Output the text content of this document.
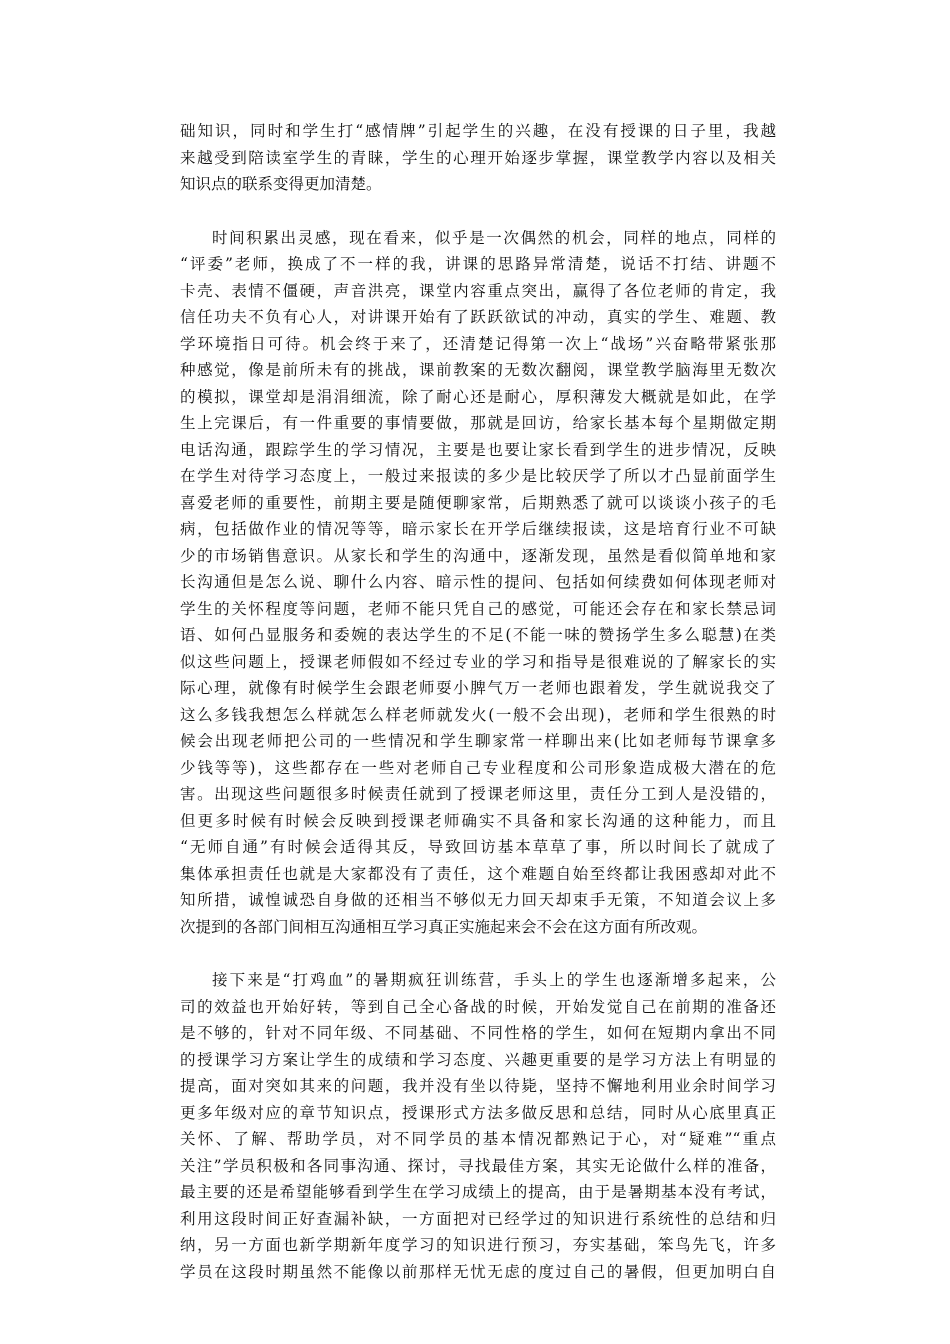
础知识，同时和学生打“感情牌”引起学生的兴趣，在没有授课的日子里，我越
来越受到陪读室学生的青睐，学生的心理开始逐步掌握，课堂教学内容以及相关
知识点的联系变得更加清楚。
时间积累出灵感，现在看来，似乎是一次偶然的机会，同样的地点，同样的
“评委”老师，换成了不一样的我，讲课的思路异常清楚，说话不打结、讲题不
卡壳、表情不僵硬，声音洪亮，课堂内容重点突出，赢得了各位老师的肯定，我
信任功夫不负有心人，对讲课开始有了跃跃欲试的冲动，真实的学生、难题、教
学环境指日可待。机会终于来了，还清楚记得第一次上“战场”兴奋略带紧张那
种感觉，像是前所未有的挑战，课前教案的无数次翻阅，课堂教学脑海里无数次
的模拟，课堂却是涓涓细流，除了耐心还是耐心，厚积薄发大概就是如此，在学
生上完课后，有一件重要的事情要做，那就是回访，给家长基本每个星期做定期
电话沟通，跟踪学生的学习情况，主要是也要让家长看到学生的进步情况，反映
在学生对待学习态度上，一般过来报读的多少是比较厌学了所以才凸显前面学生
喜爱老师的重要性，前期主要是随便聊家常，后期熟悉了就可以谈谈小孩子的毛
病，包括做作业的情况等等，暗示家长在开学后继续报读，这是培育行业不可缺
少的市场销售意识。从家长和学生的沟通中，逐渐发现，虽然是看似简单地和家
长沟通但是怎么说、聊什么内容、暗示性的提问、包括如何续费如何体现老师对
学生的关怀程度等问题，老师不能只凭自己的感觉，可能还会存在和家长禁忌词
语、如何凸显服务和委婉的表达学生的不足(不能一味的赞扬学生多么聪慧)在类
似这些问题上，授课老师假如不经过专业的学习和指导是很难说的了解家长的实
际心理，就像有时候学生会跟老师耍小脾气万一老师也跟着发，学生就说我交了
这么多钱我想怎么样就怎么样老师就发火(一般不会出现)，老师和学生很熟的时
候会出现老师把公司的一些情况和学生聊家常一样聊出来(比如老师每节课拿多
少钱等等)，这些都存在一些对老师自己专业程度和公司形象造成极大潜在的危
害。出现这些问题很多时候责任就到了授课老师这里，责任分工到人是没错的，
但更多时候有时候会反映到授课老师确实不具备和家长沟通的这种能力，而且
“无师自通”有时候会适得其反，导致回访基本草草了事，所以时间长了就成了
集体承担责任也就是大家都没有了责任，这个难题自始至终都让我困惑却对此不
知所措，诚惶诚恐自身做的还相当不够似无力回天却束手无策，不知道会议上多
次提到的各部门间相互沟通相互学习真正实施起来会不会在这方面有所改观。
接下来是“打鸡血”的暑期疯狂训练营，手头上的学生也逐渐增多起来，公
司的效益也开始好转，等到自己全心备战的时候，开始发觉自己在前期的准备还
是不够的，针对不同年级、不同基础、不同性格的学生，如何在短期内拿出不同
的授课学习方案让学生的成绩和学习态度、兴趣更重要的是学习方法上有明显的
提高，面对突如其来的问题，我并没有坐以待毙，坚持不懈地利用业余时间学习
更多年级对应的章节知识点，授课形式方法多做反思和总结，同时从心底里真正
关怀、了解、帮助学员，对不同学员的基本情况都熟记于心，对“疑难”“重点
关注”学员积极和各同事沟通、探讨，寻找最佳方案，其实无论做什么样的准备，
最主要的还是希望能够看到学生在学习成绩上的提高，由于是暑期基本没有考试，
利用这段时间正好查漏补缺，一方面把对已经学过的知识进行系统性的总结和归
纳，另一方面也新学期新年度学习的知识进行预习，夯实基础，笨鸟先飞，许多
学员在这段时期虽然不能像以前那样无忧无虑的度过自己的暑假，但更加明白自
